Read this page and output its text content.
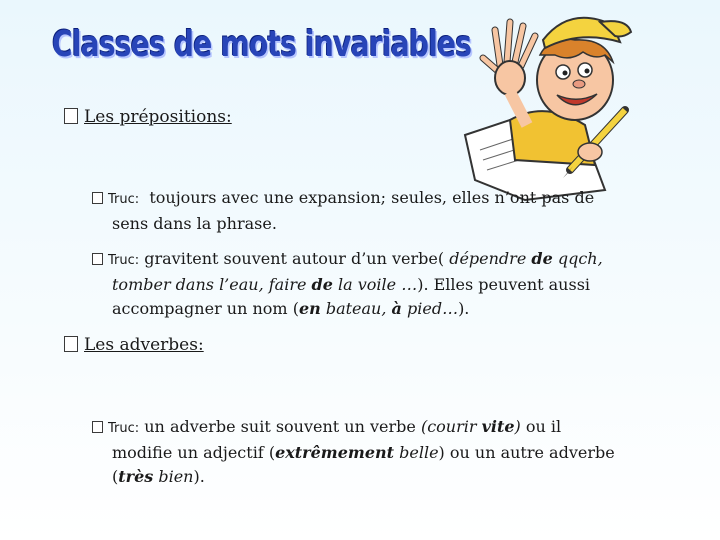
Classes de mots invariables
Les prépositions:
Truc: toujours avec une expansion; seules, elles n’ont pas de
sens dans la phrase.
Truc: gravitent souvent autour d’un verbe( dépendre de qqch,
tomber dans l’eau, faire de la voile …). Elles peuvent aussi
accompagner un nom (en bateau, à pied…).
Les adverbes:
Truc: un adverbe suit souvent un verbe (courir vite) ou il
modifie un adjectif (extrêmement belle) ou un autre adverbe
(très bien).
